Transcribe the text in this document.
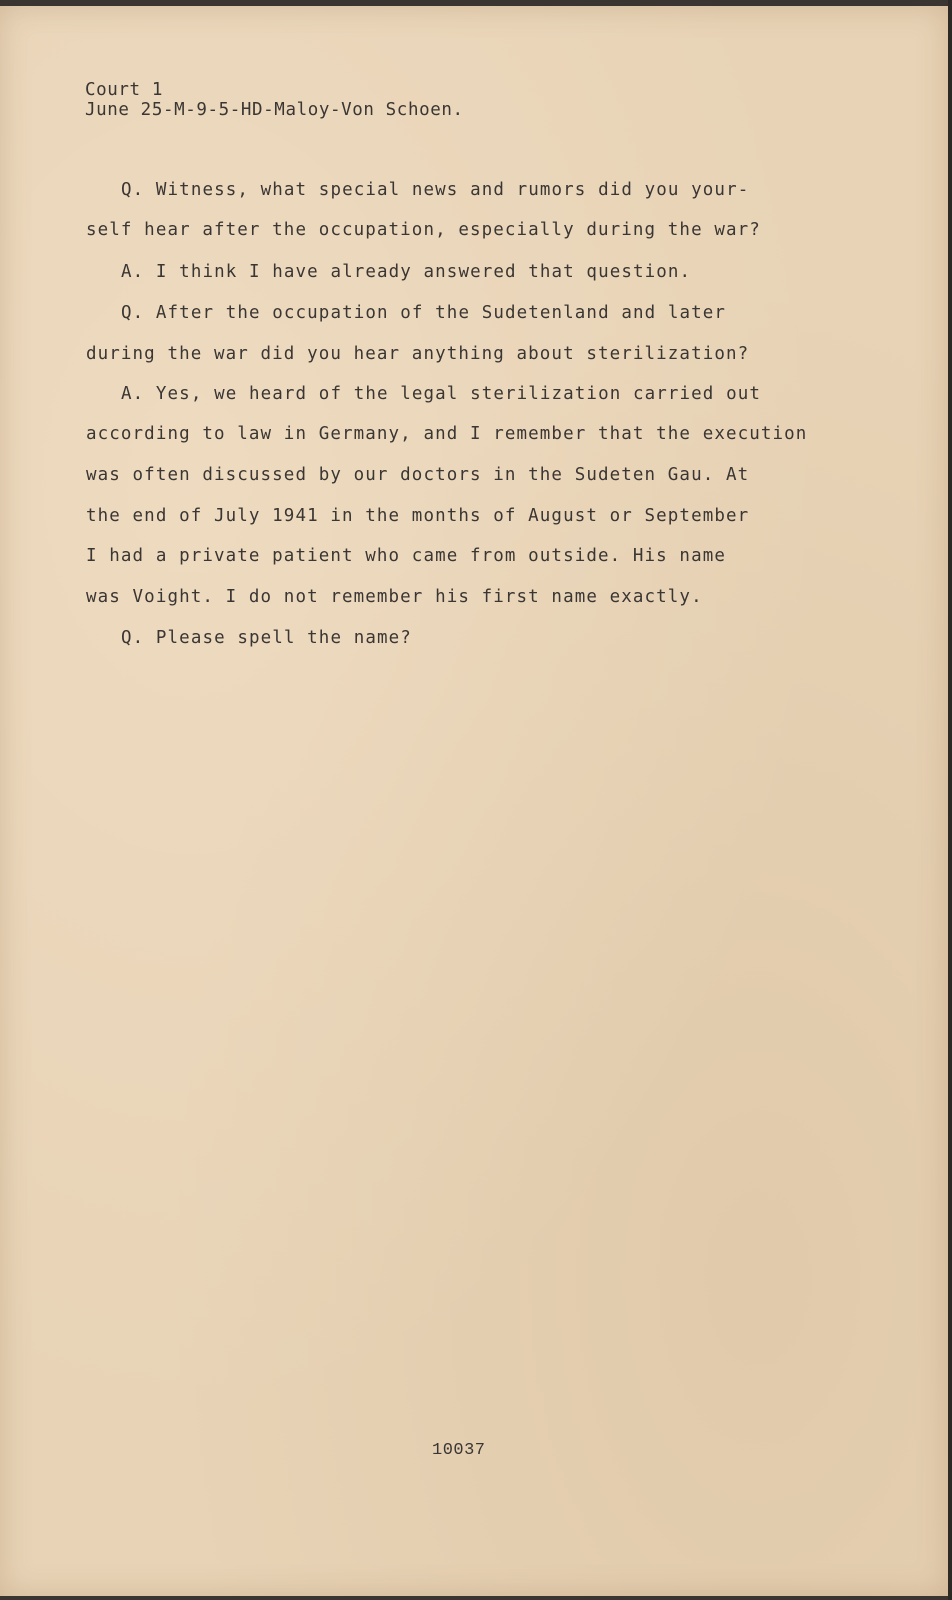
Court 1
June 25-M-9-5-HD-Maloy-Von Schoen.
Q. Witness, what special news and rumors did you your-
self hear after the occupation, especially during the war?
A. I think I have already answered that question.
Q. After the occupation of the Sudetenland and later
during the war did you hear anything about sterilization?
A. Yes, we heard of the legal sterilization carried out
according to law in Germany, and I remember that the execution
was often discussed by our doctors in the Sudeten Gau. At
the end of July 1941 in the months of August or September
I had a private patient who came from outside. His name
was Voight. I do not remember his first name exactly.
Q. Please spell the name?
10037
